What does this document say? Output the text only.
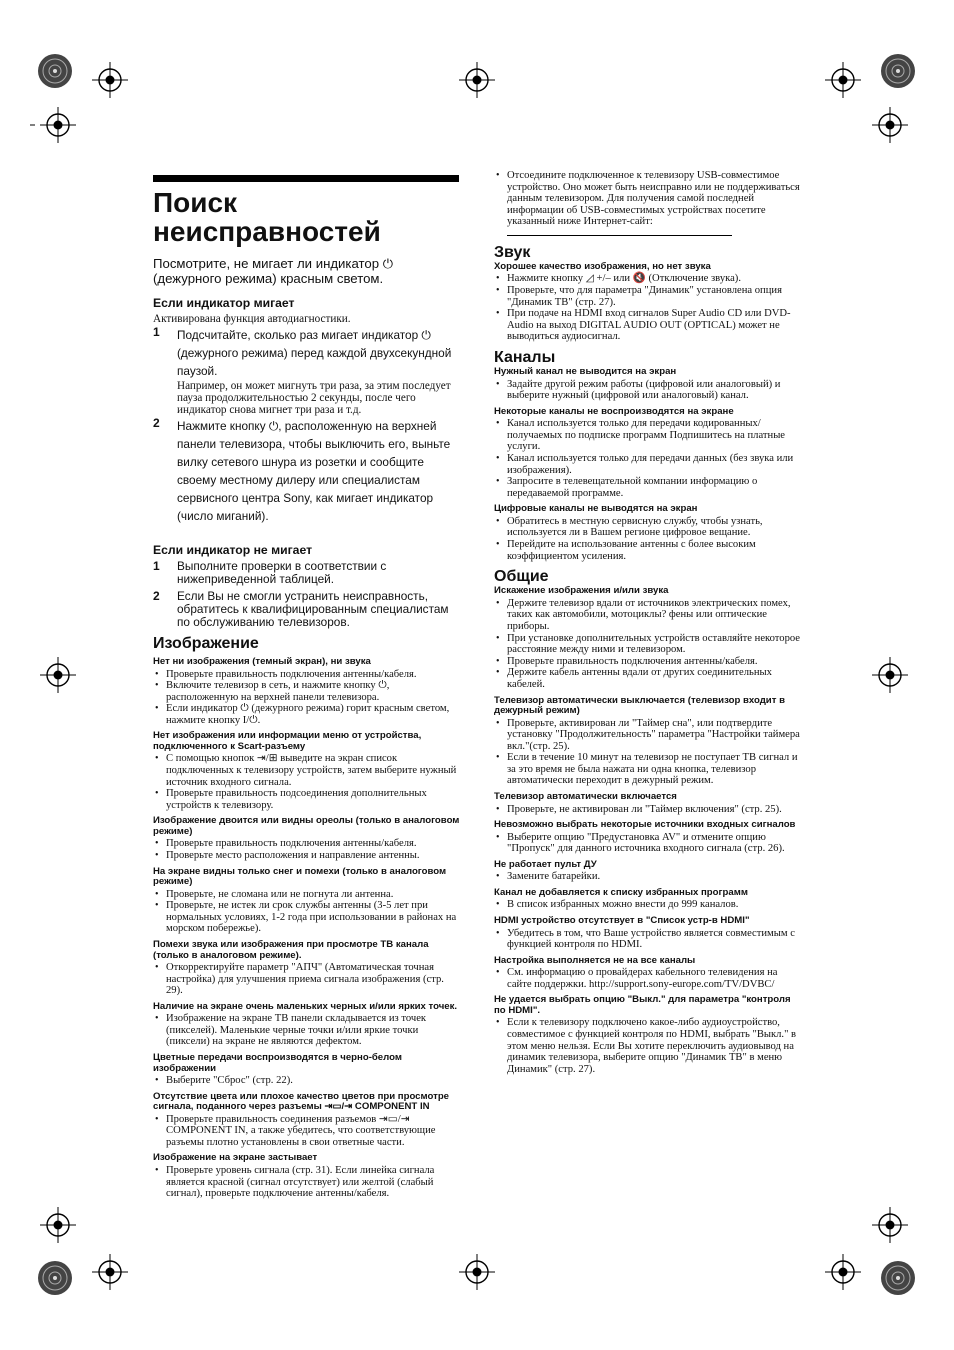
Поиск
неисправностей

Посмотрите, не мигает ли индикатор ⏻ (дежурного режима) красным светом.

Если индикатор мигает
Активирована функция автодиагностики.
1	Подсчитайте, сколько раз мигает индикатор ⏻ (дежурного режима) перед каждой двухсекундной паузой.
Например, он может мигнуть три раза, за этим последует пауза продолжительностью 2 секунды, после чего индикатор снова мигнет три раза и т.д.
2	Нажмите кнопку ⏻, расположенную на верхней панели телевизора, чтобы выключить его, выньте вилку сетевого шнура из розетки и сообщите своему местному дилеру или специалистам сервисного центра Sony, как мигает индикатор (число миганий).
Если индикатор не мигает
1	Выполните проверки в соответствии с нижеприведенной таблицей.
2	Если Вы не смогли устранить неисправность, обратитесь к квалифицированным специалистам по обслуживанию телевизоров.
Изображение
Нет ни изображения (темный экран), ни звука
• Проверьте правильность подключения антенны/кабеля.
• Включите телевизор в сеть, и нажмите кнопку ⏻, расположенную на верхней панели телевизора.
• Если индикатор ⏻ (дежурного режима) горит красным светом, нажмите кнопку I/⏻.
Нет изображения или информации меню от устройства, подключенного к Scart-разъему
• С помощью кнопок ⇥/⊞ выведите на экран список подключенных к телевизору устройств, затем выберите нужный источник входного сигнала.
• Проверьте правильность подсоединения дополнительных устройств к телевизору.
Изображение двоится или видны ореолы (только в аналоговом режиме)
• Проверьте правильность подключения антенны/кабеля.
• Проверьте место расположения и направление антенны.
На экране видны только снег и помехи (только в аналоговом режиме)
• Проверьте, не сломана или не погнута ли антенна.
• Проверьте, не истек ли срок службы антенны (3-5 лет при нормальных условиях, 1-2 года при использовании в районах на морском побережье).
Помехи звука или изображения при просмотре ТВ канала (только в аналоговом режиме).
• Откорректируйте параметр "АПЧ" (Автоматическая точная настройка) для улучшения приема сигнала изображения (стр. 29).
Наличие на экране очень маленьких черных и/или ярких точек.
• Изображение на экране ТВ панели складывается из точек (пикселей). Маленькие черные точки и/или яркие точки (пиксели) на экране не являются дефектом.
Цветные передачи воспроизводятся в черно-белом изображении
• Выберите "Сброс" (стр. 22).
Отсутствие цвета или плохое качество цветов при просмотре сигнала, поданного через разъемы ⇥▭/⇥ COMPONENT IN
• Проверьте правильность соединения разъемов ⇥▭/⇥ COMPONENT IN, а также убедитесь, что соответствующие разъемы плотно установлены в свои ответные части.
Изображение на экране застывает
• Проверьте уровень сигнала (стр. 31). Если линейка сигнала является красной (сигнал отсутствует) или желтой (слабый сигнал), проверьте подключение антенны/кабеля.
• Отсоедините подключенное к телевизору USB-совместимое устройство. Оно может быть неисправно или не поддерживаться данным телевизором. Для получения самой последней информации об USB-совместимых устройствах посетите указанный ниже Интернет-сайт:
Звук
Хорошее качество изображения, но нет звука
• Нажмите кнопку ◿ +/– или 🔇 (Отключение звука).
• Проверьте, что для параметра "Динамик" установлена опция "Динамик ТВ" (стр. 27).
• При подаче на HDMI вход сигналов Super Audio CD или DVD-Audio на выход DIGITAL AUDIO OUT (OPTICAL) может не выводиться аудиосигнал.
Каналы
Нужный канал не выводится на экран
• Задайте другой режим работы (цифровой или аналоговый) и выберите нужный (цифровой или аналоговый) канал.
Некоторые каналы не воспроизводятся на экране
• Канал используется только для передачи кодированных/получаемых по подписке программ Подпишитесь на платные услуги.
• Канал используется только для передачи данных (без звука или изображения).
• Запросите в телевещательной компании информацию о передаваемой программе.
Цифровые каналы не выводятся на экран
• Обратитесь в местную сервисную службу, чтобы узнать, используется ли в Вашем регионе цифровое вещание.
• Перейдите на использование антенны с более высоким коэффициентом усиления.
Общие
Искажение изображения и/или звука
• Держите телевизор вдали от источников электрических помех, таких как автомобили, мотоциклы? фены или оптические приборы.
• При установке дополнительных устройств оставляйте некоторое расстояние между ними и телевизором.
• Проверьте правильность подключения антенны/кабеля.
• Держите кабель антенны вдали от других соединительных кабелей.
Телевизор автоматически выключается (телевизор входит в дежурный режим)
• Проверьте, активирован ли "Таймер сна", или подтвердите установку "Продолжительность" параметра "Настройки таймера вкл."(стр. 25).
• Если в течение 10 минут на телевизор не поступает ТВ сигнал и за это время не была нажата ни одна кнопка, телевизор автоматически переходит в дежурный режим.
Телевизор автоматически включается
• Проверьте, не активирован ли "Таймер включения" (стр. 25).
Невозможно выбрать некоторые источники входных сигналов
• Выберите опцию "Предустановка AV" и отмените опцию "Пропуск" для данного источника входного сигнала (стр. 26).
Не работает пульт ДУ
• Замените батарейки.
Канал не добавляется к списку избранных программ
• В список избранных можно внести до 999 каналов.
HDMI устройство отсутствует в "Список устр-в HDMI"
• Убедитесь в том, что Ваше устройство является совместимым с функцией контроля по HDMI.
Настройка выполняется не на все каналы
• См. информацию о провайдерах кабельного телевидения на сайте поддержки. http://support.sony-europe.com/TV/DVBC/
Не удается выбрать опцию "Выкл." для параметра "контроля по HDMI".
• Если к телевизору подключено какое-либо аудиоустройство, совместимое с функцией контроля по HDMI, выбрать "Выкл." в этом меню нельзя. Если Вы хотите переключить аудиовывод на динамик телевизора, выберите опцию "Динамик ТВ" в меню Динамик" (стр. 27).
